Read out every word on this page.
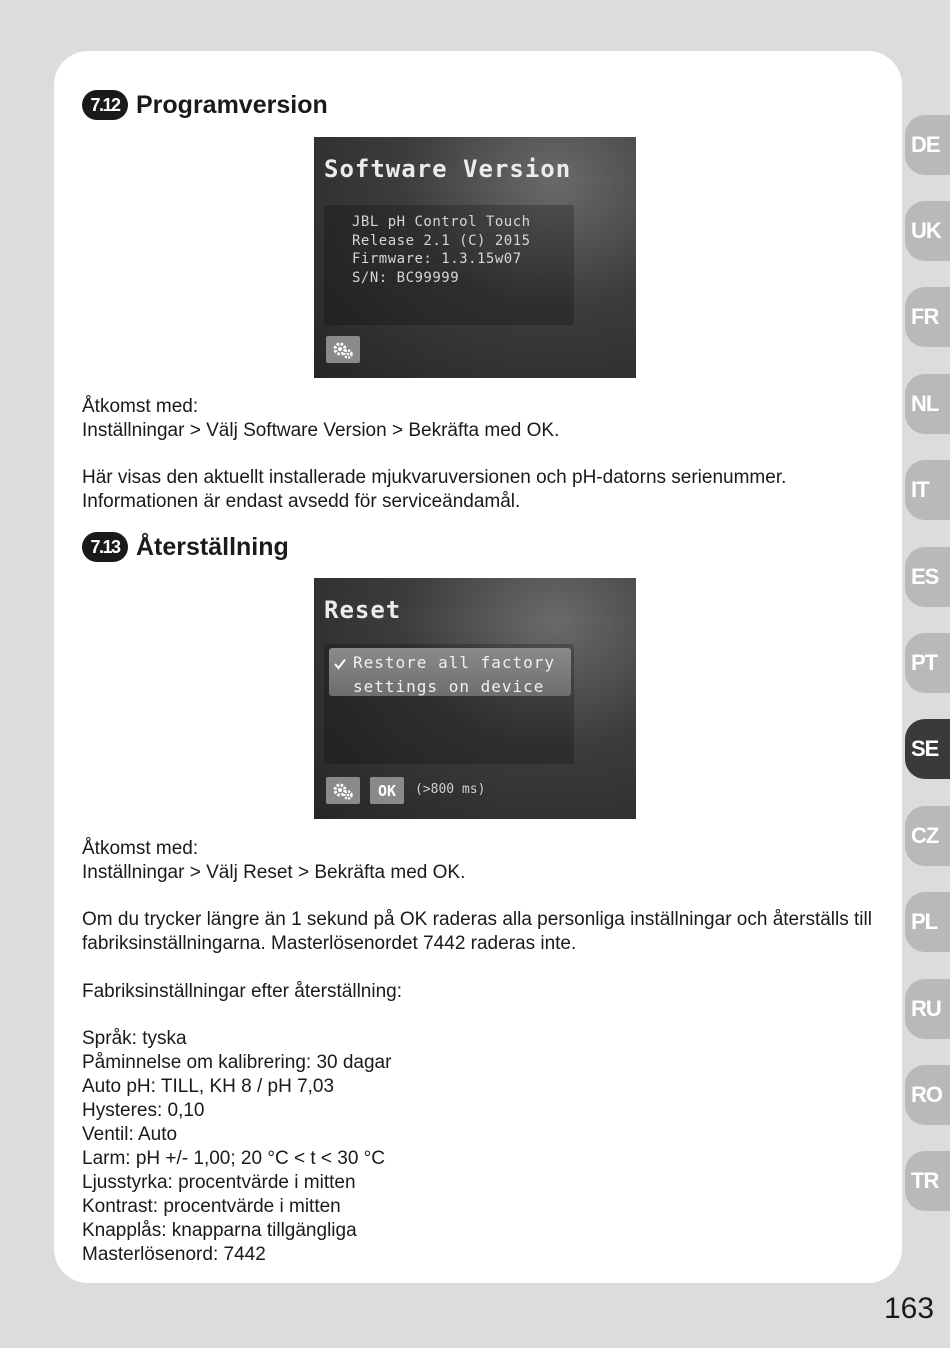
7.12 Programversion
Software Version
JBL pH Control Touch
Release 2.1 (C) 2015
Firmware: 1.3.15w07
S/N: BC99999

Åtkomst med:
Inställningar > Välj Software Version > Bekräfta med OK.

Här visas den aktuellt installerade mjukvaruversionen och pH-datorns serienummer.
Informationen är endast avsedd för serviceändamål.

7.13 Återställning
Reset
Restore all factory
settings on device
OK	(>800 ms)

Åtkomst med:
Inställningar > Välj Reset > Bekräfta med OK.

Om du trycker längre än 1 sekund på OK raderas alla personliga inställningar och återställs till
fabriksinställningarna. Masterlösenordet 7442 raderas inte.

Fabriksinställningar efter återställning:

Språk: tyska
Påminnelse om kalibrering: 30 dagar
Auto pH: TILL, KH 8 / pH 7,03
Hysteres: 0,10
Ventil: Auto
Larm: pH +/- 1,00; 20 °C < t < 30 °C
Ljusstyrka: procentvärde i mitten
Kontrast: procentvärde i mitten
Knapplås: knapparna tillgängliga
Masterlösenord: 7442

DE
UK
FR
NL
IT
ES
PT
SE
CZ
PL
RU
RO
TR
163
